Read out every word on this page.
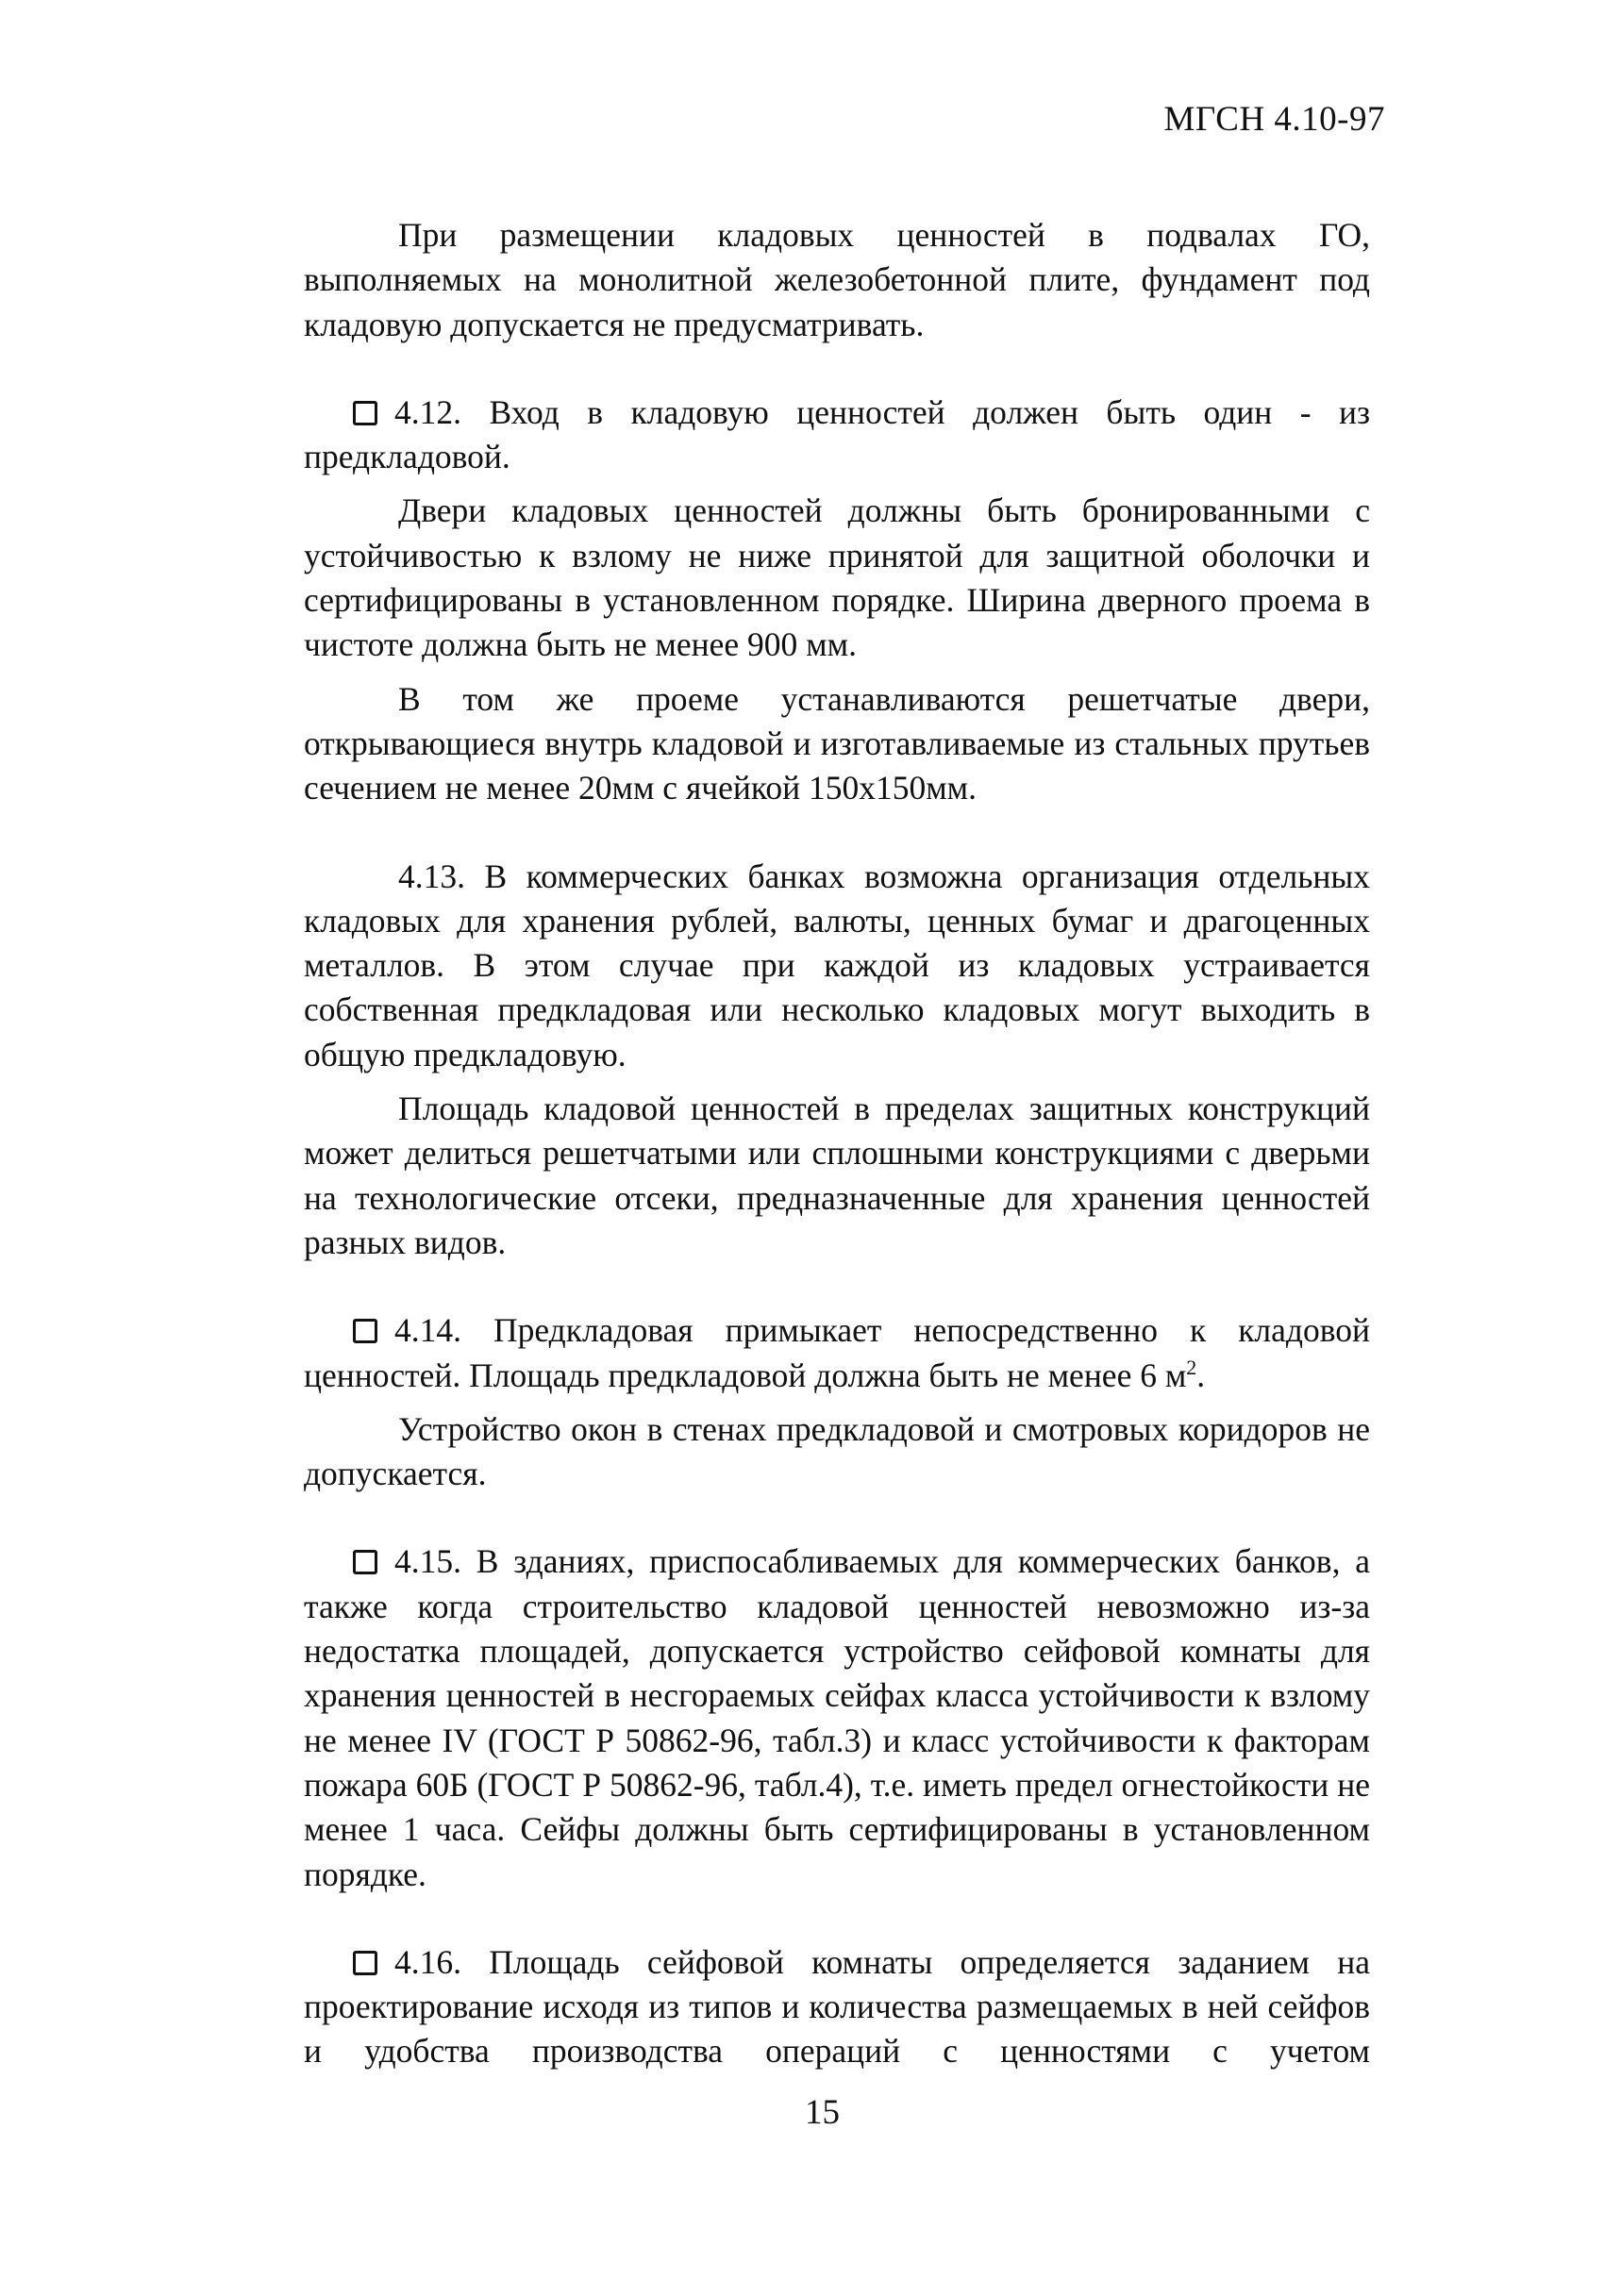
МГСН 4.10-97

При размещении кладовых ценностей в подвалах ГО, выполняемых на монолитной железобетонной плите, фундамент под кладовую допускается не предусматривать.

4.12. Вход в кладовую ценностей должен быть один - из предкладовой.

Двери кладовых ценностей должны быть бронированными с устойчивостью к взлому не ниже принятой для защитной оболочки и сертифицированы в установленном порядке. Ширина дверного проема в чистоте должна быть не менее 900 мм.

В том же проеме устанавливаются решетчатые двери, открывающиеся внутрь кладовой и изготавливаемые из стальных прутьев сечением не менее 20мм с ячейкой 150х150мм.

4.13. В коммерческих банках возможна организация отдельных кладовых для хранения рублей, валюты, ценных бумаг и драгоценных металлов. В этом случае при каждой из кладовых устраивается собственная предкладовая или несколько кладовых могут выходить в общую предкладовую.

Площадь кладовой ценностей в пределах защитных конструкций может делиться решетчатыми или сплошными конструкциями с дверьми на технологические отсеки, предназначенные для хранения ценностей разных видов.

4.14. Предкладовая примыкает непосредственно к кладовой ценностей. Площадь предкладовой должна быть не менее 6 $м^2$.

Устройство окон в стенах предкладовой и смотровых коридоров не допускается.

4.15. В зданиях, приспосабливаемых для коммерческих банков, а также когда строительство кладовой ценностей невозможно из-за недостатка площадей, допускается устройство сейфовой комнаты для хранения ценностей в несгораемых сейфах класса устойчивости к взлому не менее IV (ГОСТ Р 50862-96, табл.3) и класс устойчивости к факторам пожара 60Б (ГОСТ Р 50862-96, табл.4), т.е. иметь предел огнестойкости не менее 1 часа. Сейфы должны быть сертифицированы в установленном порядке.

4.16. Площадь сейфовой комнаты определяется заданием на проектирование исходя из типов и количества размещаемых в ней сейфов и удобства производства операций с ценностями с учетом

15
